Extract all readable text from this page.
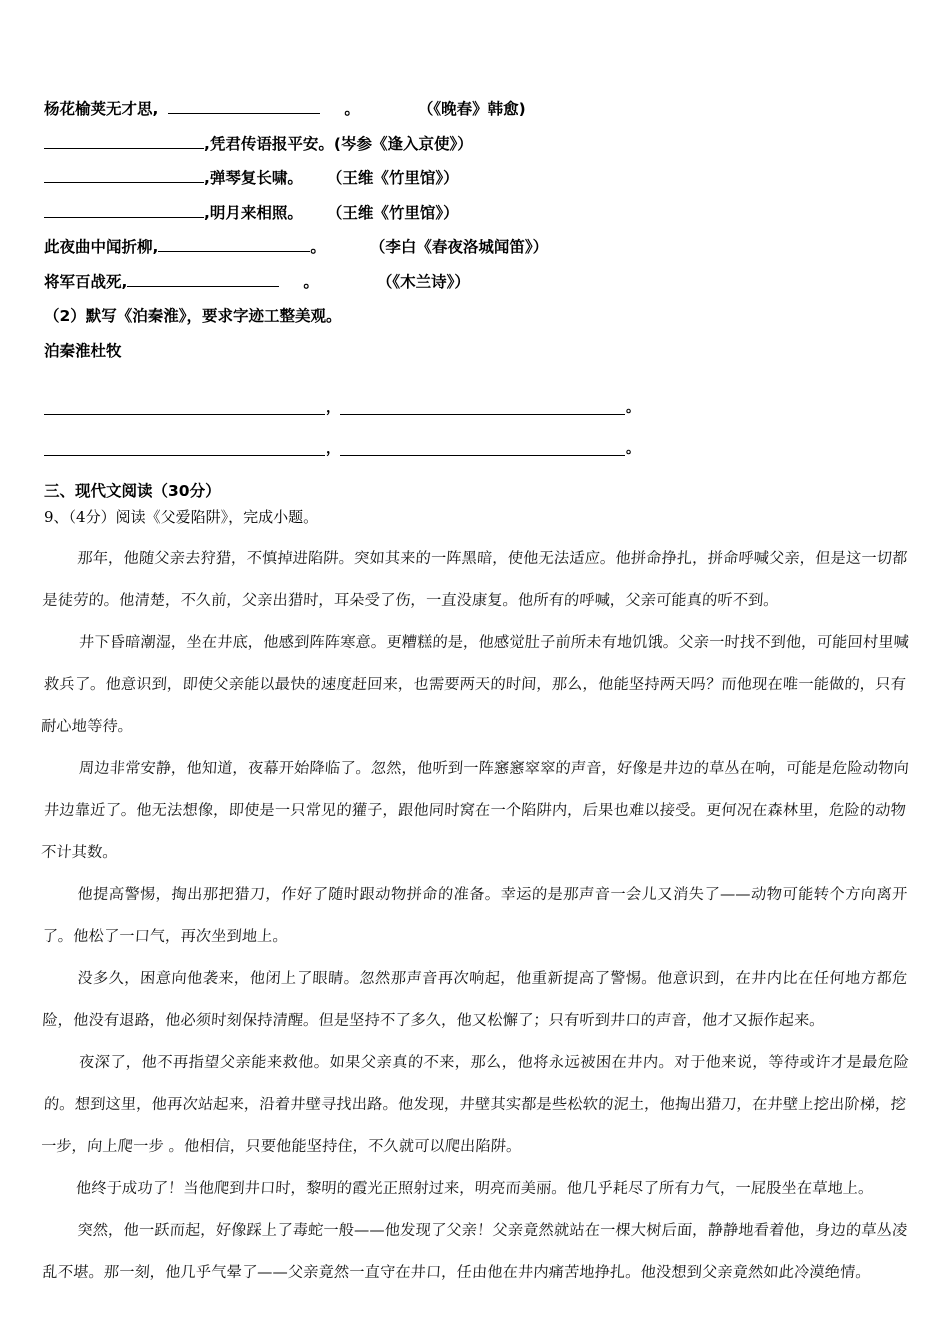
杨花榆荚无才思,	。	（《晚春》韩愈)
,凭君传语报平安。 (岑参《逢入京使》）
,弹琴复长啸。 （王维《竹里馆》）
,明月来相照。 （王维《竹里馆》）
此夜曲中闻折柳,	。	（李白《春夜洛城闻笛》）
将军百战死,	。	（《木兰诗》）
（2）默写《泊秦淮》，要求字迹工整美观。
泊秦淮杜牧
，	。
，	。
三、现代文阅读（30分）
9、（4分）阅读《父爱陷阱》，完成小题。

那年，他随父亲去狩猎，不慎掉进陷阱。突如其来的一阵黑暗，使他无法适应。他拼命挣扎，拼命呼喊父亲，但是这一切都是徒劳的。他清楚，不久前，父亲出猎时，耳朵受了伤，一直没康复。他所有的呼喊，父亲可能真的听不到。

井下昏暗潮湿，坐在井底，他感到阵阵寒意。更糟糕的是，他感觉肚子前所未有地饥饿。父亲一时找不到他，可能回村里喊救兵了。他意识到，即使父亲能以最快的速度赶回来，也需要两天的时间，那么，他能坚持两天吗？而他现在唯一能做的，只有耐心地等待。

周边非常安静，他知道，夜幕开始降临了。忽然，他听到一阵窸窸窣窣的声音，好像是井边的草丛在响，可能是危险动物向井边靠近了。他无法想像，即使是一只常见的獾子，跟他同时窝在一个陷阱内，后果也难以接受。更何况在森林里，危险的动物不计其数。

他提高警惕，掏出那把猎刀，作好了随时跟动物拼命的准备。幸运的是那声音一会儿又消失了——动物可能转个方向离开了。他松了一口气，再次坐到地上。

没多久，困意向他袭来，他闭上了眼睛。忽然那声音再次响起，他重新提高了警惕。他意识到，在井内比在任何地方都危险，他没有退路，他必须时刻保持清醒。但是坚持不了多久，他又松懈了；只有听到井口的声音，他才又振作起来。

夜深了，他不再指望父亲能来救他。如果父亲真的不来，那么，他将永远被困在井内。对于他来说，等待或许才是最危险的。想到这里，他再次站起来，沿着井壁寻找出路。他发现，井壁其实都是些松软的泥土，他掏出猎刀，在井壁上挖出阶梯，挖一步，向上爬一步 。他相信，只要他能坚持住，不久就可以爬出陷阱。

他终于成功了！当他爬到井口时，黎明的霞光正照射过来，明亮而美丽。他几乎耗尽了所有力气，一屁股坐在草地上。

突然，他一跃而起，好像踩上了毒蛇一般——他发现了父亲！父亲竟然就站在一棵大树后面，静静地看着他，身边的草丛凌乱不堪。那一刻，他几乎气晕了——父亲竟然一直守在井口，任由他在井内痛苦地挣扎。他没想到父亲竟然如此冷漠绝情。
